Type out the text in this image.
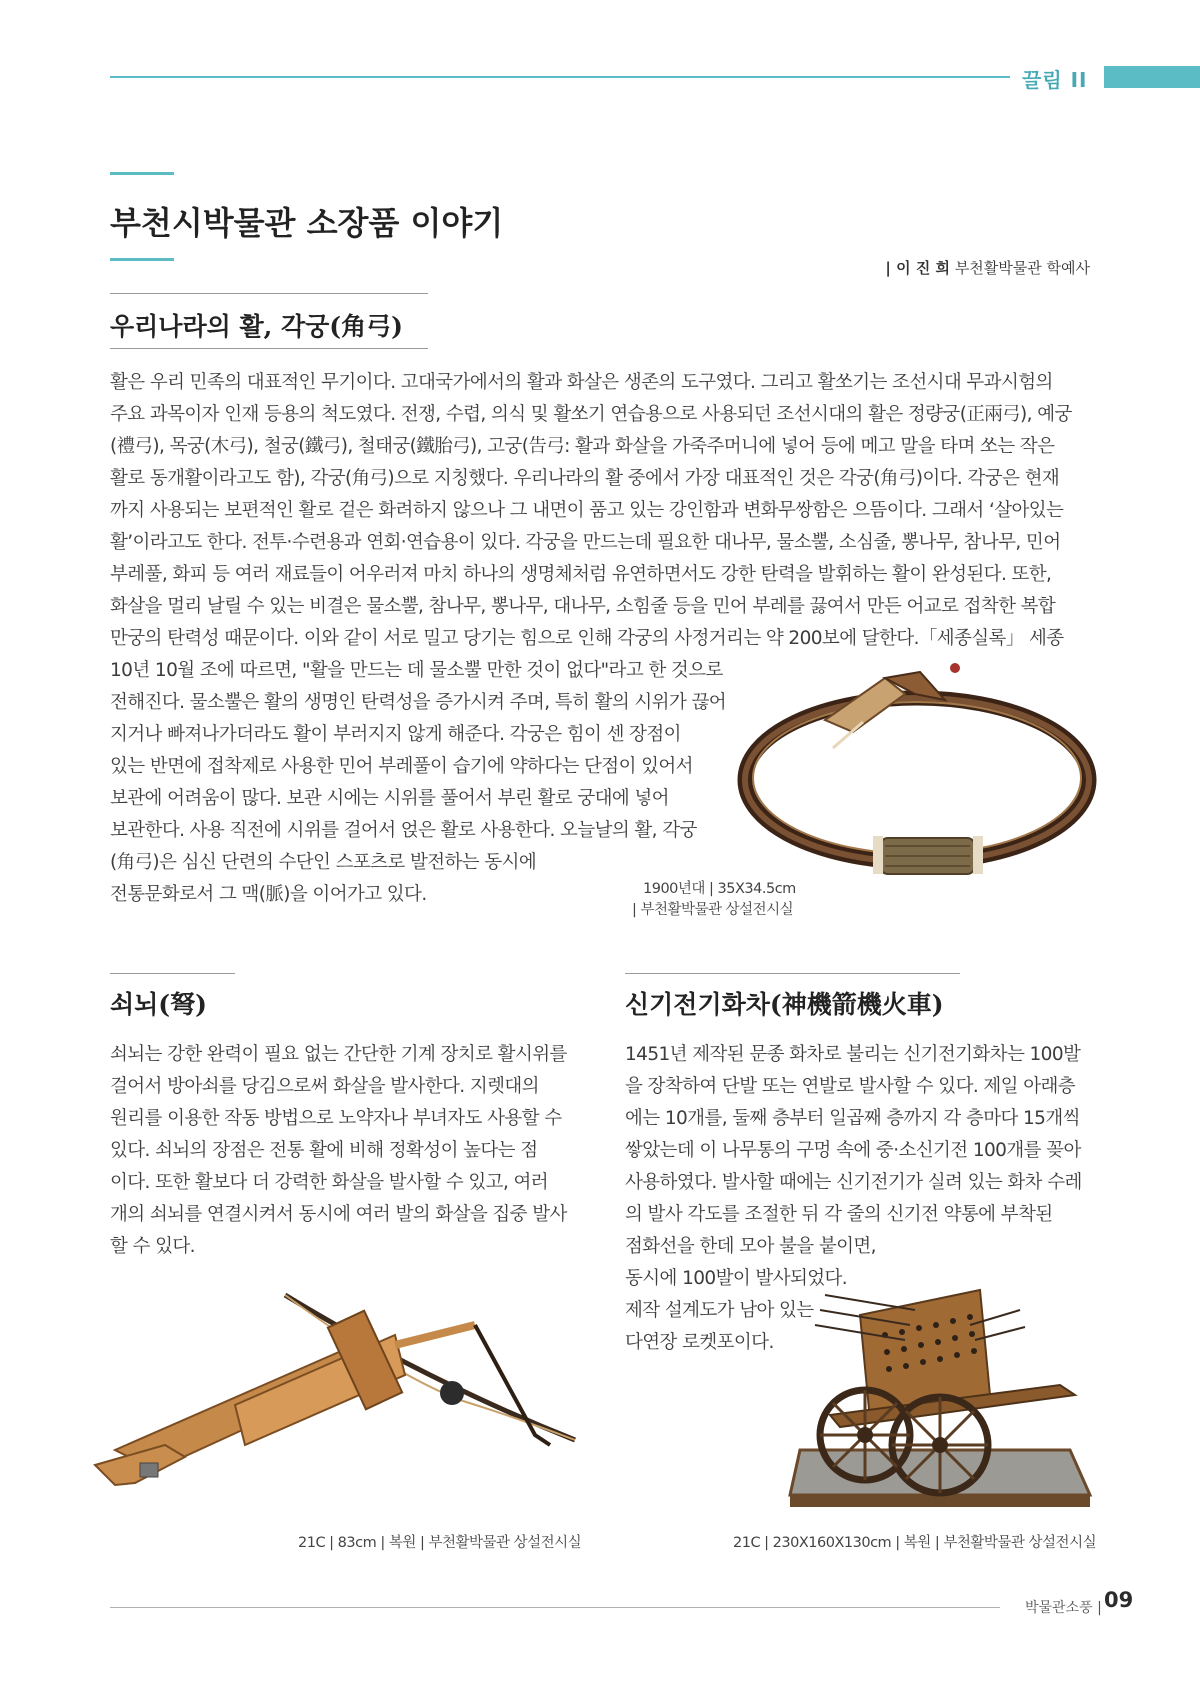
끌림 II
부천시박물관 소장품 이야기
| 이 진 희 부천활박물관 학예사
우리나라의 활, 각궁(角弓)
활은 우리 민족의 대표적인 무기이다. 고대국가에서의 활과 화살은 생존의 도구였다. 그리고 활쏘기는 조선시대 무과시험의
주요 과목이자 인재 등용의 척도였다. 전쟁, 수렵, 의식 및 활쏘기 연습용으로 사용되던 조선시대의 활은 정량궁(正兩弓), 예궁
(禮弓), 목궁(木弓), 철궁(鐵弓), 철태궁(鐵胎弓), 고궁(告弓: 활과 화살을 가죽주머니에 넣어 등에 메고 말을 타며 쏘는 작은
활로 동개활이라고도 함), 각궁(角弓)으로 지칭했다. 우리나라의 활 중에서 가장 대표적인 것은 각궁(角弓)이다. 각궁은 현재
까지 사용되는 보편적인 활로 겉은 화려하지 않으나 그 내면이 품고 있는 강인함과 변화무쌍함은 으뜸이다. 그래서 ‘살아있는
활’이라고도 한다. 전투·수련용과 연회·연습용이 있다. 각궁을 만드는데 필요한 대나무, 물소뿔, 소심줄, 뽕나무, 참나무, 민어
부레풀, 화피 등 여러 재료들이 어우러져 마치 하나의 생명체처럼 유연하면서도 강한 탄력을 발휘하는 활이 완성된다. 또한,
화살을 멀리 날릴 수 있는 비결은 물소뿔, 참나무, 뽕나무, 대나무, 소힘줄 등을 민어 부레를 끓여서 만든 어교로 접착한 복합
만궁의 탄력성 때문이다. 이와 같이 서로 밀고 당기는 힘으로 인해 각궁의 사정거리는 약 200보에 달한다.「세종실록」 세종
10년 10월 조에 따르면, "활을 만드는 데 물소뿔 만한 것이 없다"라고 한 것으로
전해진다. 물소뿔은 활의 생명인 탄력성을 증가시켜 주며, 특히 활의 시위가 끊어
지거나 빠져나가더라도 활이 부러지지 않게 해준다. 각궁은 힘이 센 장점이
있는 반면에 접착제로 사용한 민어 부레풀이 습기에 약하다는 단점이 있어서
보관에 어려움이 많다. 보관 시에는 시위를 풀어서 부린 활로 궁대에 넣어
보관한다. 사용 직전에 시위를 걸어서 얹은 활로 사용한다. 오늘날의 활, 각궁
(角弓)은 심신 단련의 수단인 스포츠로 발전하는 동시에
전통문화로서 그 맥(脈)을 이어가고 있다.	1900년대 | 35X34.5cm
| 부천활박물관 상설전시실
쇠뇌(弩)
쇠뇌는 강한 완력이 필요 없는 간단한 기계 장치로 활시위를
걸어서 방아쇠를 당김으로써 화살을 발사한다. 지렛대의
원리를 이용한 작동 방법으로 노약자나 부녀자도 사용할 수
있다. 쇠뇌의 장점은 전통 활에 비해 정확성이 높다는 점
이다. 또한 활보다 더 강력한 화살을 발사할 수 있고, 여러
개의 쇠뇌를 연결시켜서 동시에 여러 발의 화살을 집중 발사
할 수 있다.
21C | 83cm | 복원 | 부천활박물관 상설전시실
신기전기화차(神機箭機火車)
1451년 제작된 문종 화차로 불리는 신기전기화차는 100발
을 장착하여 단발 또는 연발로 발사할 수 있다. 제일 아래층
에는 10개를, 둘째 층부터 일곱째 층까지 각 층마다 15개씩
쌓았는데 이 나무통의 구멍 속에 중·소신기전 100개를 꽂아
사용하였다. 발사할 때에는 신기전기가 실려 있는 화차 수레
의 발사 각도를 조절한 뒤 각 줄의 신기전 약통에 부착된
점화선을 한데 모아 불을 붙이면,
동시에 100발이 발사되었다.
제작 설계도가 남아 있는
다연장 로켓포이다.
21C | 230X160X130cm | 복원 | 부천활박물관 상설전시실
박물관소풍 | 09
